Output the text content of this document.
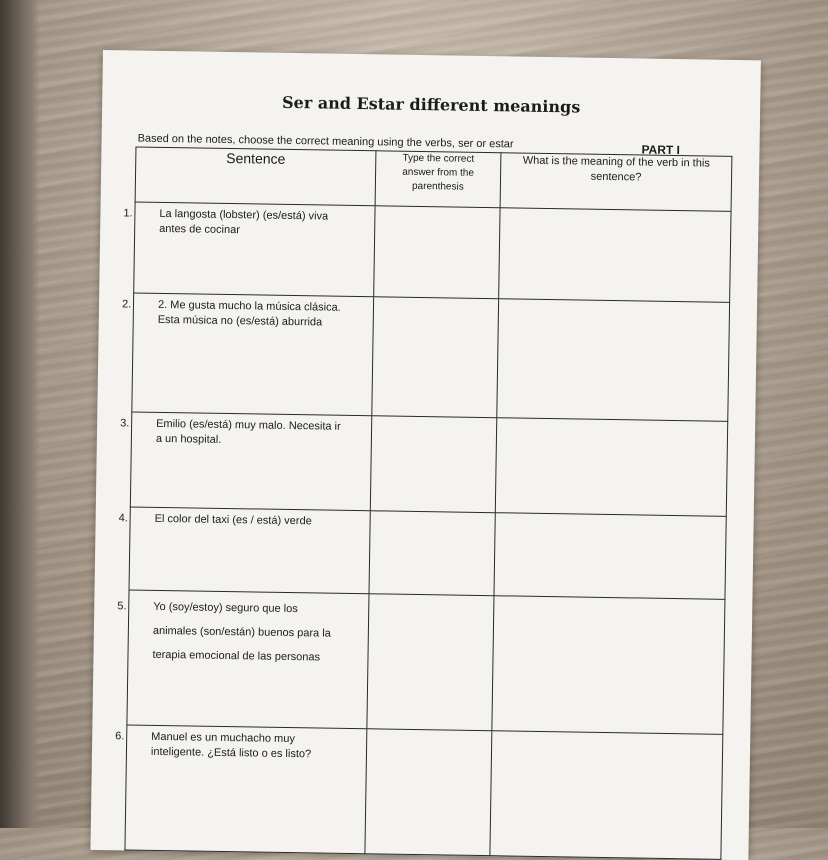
Ser and Estar different meanings
Based on the notes, choose the correct meaning using the verbs, ser or estar	PART I
Sentence	Type the correct answer from the parenthesis	What is the meaning of the verb in this sentence?

1. La langosta (lobster) (es/está) viva
antes de cocinar		

2. 2. Me gusta mucho la música clásica.
Esta música no (es/está) aburrida		

3. Emilio (es/está) muy malo. Necesita ir
a un hospital.		

4. El color del taxi (es / está) verde		

5. Yo (soy/estoy) seguro que los
animales (son/están) buenos para la
terapia emocional de las personas		

6. Manuel es un muchacho muy
inteligente. ¿Está listo o es listo?		
